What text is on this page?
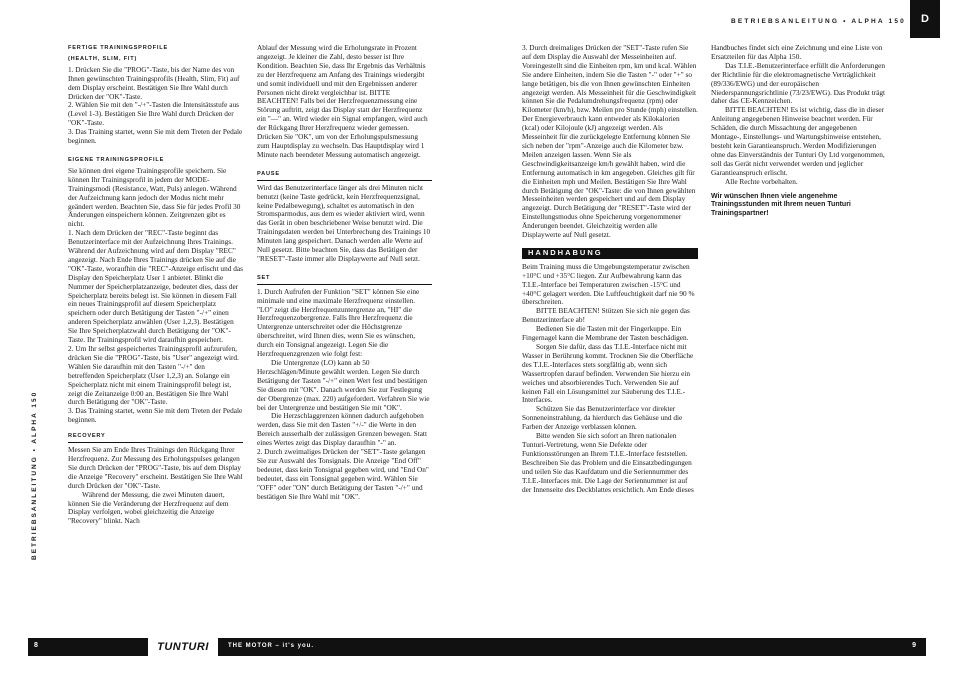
D
BETRIEBSANLEITUNG • ALPHA 150
BETRIEBSANLEITUNG • ALPHA 150
FERTIGE TRAININGSPROFILE
(HEALTH, SLIM, FIT)

1. Drücken Sie die "PROG"-Taste, bis der Name des von Ihnen gewünschten Trainingsprofils (Health, Slim, Fit) auf dem Display erscheint. Bestätigen Sie Ihre Wahl durch Drücken der "OK"-Taste.

2. Wählen Sie mit den "-/+"-Tasten die Intensitätsstufe aus (Level 1-3). Bestätigen Sie Ihre Wahl durch Drücken der "OK"-Taste.

3. Das Training startet, wenn Sie mit dem Treten der Pedale beginnen.

EIGENE TRAININGSPROFILE

Sie können drei eigene Trainingsprofile speichern. Sie können Ihr Trainingsprofil in jedem der MODE-Trainingsmodi (Resistance, Watt, Puls) anlegen. Während der Aufzeichnung kann jedoch der Modus nicht mehr geändert werden. Beachten Sie, dass Sie für jedes Profil 30 Änderungen einspeichern können. Zeitgrenzen gibt es nicht.

1. Nach dem Drücken der "REC"-Taste beginnt das Benutzerinterface mit der Aufzeichnung Ihres Trainings. Während der Aufzeichnung wird auf dem Display "REC" angezeigt. Nach Ende Ihres Trainings drücken Sie auf die "OK"-Taste, woraufhin die "REC"-Anzeige erlischt und das Display den Speicherplatz User 1 anbietet. Blinkt die Nummer der Speicherplatzanzeige, bedeutet dies, dass der Speicherplatz bereits belegt ist. Sie können in diesem Fall ein neues Trainingsprofil auf diesem Speicherplatz speichern oder durch Betätigung der Tasten "-/+" einen anderen Speicherplatz anwählen (User 1,2,3). Bestätigen Sie Ihre Speicherplatzwahl durch Betätigung der "OK"-Taste. Ihr Trainingsprofil wird daraufhin gespeichert.

2. Um Ihr selbst gespeichertes Trainingsprofil aufzurufen, drücken Sie die "PROG"-Taste, bis "User" angezeigt wird. Wählen Sie daraufhin mit den Tasten "-/+" den betreffenden Speicherplatz (User 1,2,3) an. Solange ein Speicherplatz nicht mit einem Trainingsprofil belegt ist, zeigt die Zeitanzeige 0:00 an. Bestätigen Sie Ihre Wahl durch Betätigung der "OK"-Taste.

3. Das Training startet, wenn Sie mit dem Treten der Pedale beginnen.

RECOVERY

Messen Sie am Ende Ihres Trainings den Rückgang Ihrer Herzfrequenz. Zur Messung des Erholungspulses gelangen Sie durch Drücken der "PROG"-Taste, bis auf dem Display die Anzeige "Recovery" erscheint. Bestätigen Sie Ihre Wahl durch Drücken der "OK"-Taste.

Während der Messung, die zwei Minuten dauert, können Sie die Veränderung der Herzfrequenz auf dem Display verfolgen, wobei gleichzeitig die Anzeige "Recovery" blinkt. Nach

Ablauf der Messung wird die Erholungsrate in Prozent angezeigt. Je kleiner die Zahl, desto besser ist Ihre Kondition. Beachten Sie, dass Ihr Ergebnis das Verhältnis zu der Herzfrequenz am Anfang des Trainings wiedergibt und somit individuell und mit den Ergebnissen anderer Personen nicht direkt vergleichbar ist. BITTE BEACHTEN! Falls bei der Herzfrequenzmessung eine Störung auftritt, zeigt das Display statt der Herzfrequenz ein "—" an. Wird wieder ein Signal empfangen, wird auch der Rückgang Ihrer Herzfrequenz wieder gemessen. Drücken Sie "OK", um von der Erholungspulsmessung zum Hauptdisplay zu wechseln. Das Hauptdisplay wird 1 Minute nach beendeter Messung automatisch angezeigt.

PAUSE

Wird das Benutzerinterface länger als drei Minuten nicht benutzt (keine Taste gedrückt, kein Herzfrequenzsignal, keine Pedalbewegung), schaltet es automatisch in den Stromsparmodus, aus dem es wieder aktiviert wird, wenn das Gerät in oben beschriebener Weise benutzt wird. Die Trainingsdaten werden bei Unterbrechung des Trainings 10 Minuten lang gespeichert. Danach werden alle Werte auf Null gesetzt. Bitte beachten Sie, dass das Betätigen der "RESET"-Taste immer alle Displaywerte auf Null setzt.

SET

1. Durch Aufrufen der Funktion "SET" können Sie eine minimale und eine maximale Herzfrequenz einstellen. "LO" zeigt die Herzfrequenzuntergrenze an, "HI" die Herzfrequenzobergrenze. Falls Ihre Herzfrequenz die Untergrenze unterschreitet oder die Höchstgrenze überschreitet, wird Ihnen dies, wenn Sie es wünschen, durch ein Tonsignal angezeigt. Legen Sie die Herzfrequenzgrenzen wie folgt fest:

Die Untergrenze (LO) kann ab 50 Herzschlägen/Minute gewählt werden. Legen Sie durch Betätigung der Tasten "-/+" einen Wert fest und bestätigen Sie diesen mit "OK". Danach werden Sie zur Festlegung der Obergrenze (max. 220) aufgefordert. Verfahren Sie wie bei der Untergrenze und bestätigen Sie mit "OK".

Die Herzschlaggrenzen können dadurch aufgehoben werden, dass Sie mit den Tasten "+/-" die Werte in den Bereich ausserhalb der zulässigen Grenzen bewegen. Statt eines Wertes zeigt das Display daraufhin "-" an.

2. Durch zweimaliges Drücken der "SET"-Taste gelangen Sie zur Auswahl des Tonsignals. Die Anzeige "End Off" bedeutet, dass kein Tonsignal gegeben wird, und "End On" bedeutet, dass ein Tonsignal gegeben wird. Wählen Sie "OFF" oder "ON" durch Betätigung der Tasten "-/+" und bestätigen Sie Ihre Wahl mit "OK".

3. Durch dreimaliges Drücken der "SET"-Taste rufen Sie auf dem Display die Auswahl der Messeinheiten auf. Voreingestellt sind die Einheiten rpm, km und kcal. Wählen Sie andere Einheiten, indem Sie die Tasten "-" oder "+" so lange betätigen, bis die von Ihnen gewünschten Einheiten angezeigt werden. Als Messeinheit für die Geschwindigkeit können Sie die Pedalumdrehungsfrequenz (rpm) oder Kilometer (km/h), bzw. Meilen pro Stunde (mph) einstellen. Der Energieverbrauch kann entweder als Kilokalorien (kcal) oder Kilojoule (kJ) angezeigt werden. Als Messeinheit für die zurückgelegte Entfernung können Sie sich neben der "rpm"-Anzeige auch die Kilometer bzw. Meilen anzeigen lassen. Wenn Sie als Geschwindigkeitsanzeige km/h gewählt haben, wird die Entfernung automatisch in km angegeben. Gleiches gilt für die Einheiten mph und Meilen. Bestätigen Sie Ihre Wahl durch Betätigung der "OK"-Taste: die von Ihnen gewählten Messeinheiten werden gespeichert und auf dem Display angezeigt. Durch Betätigung der "RESET"-Taste wird der Einstellungsmodus ohne Speicherung vorgenommener Änderungen beendet. Gleichzeitig werden alle Displaywerte auf Null gesetzt.

HANDHABUNG

Beim Training muss die Umgebungstemperatur zwischen +10°C und +35°C liegen. Zur Aufbewahrung kann das T.I.E.-Interface bei Temperaturen zwischen -15°C und +40°C gelagert werden. Die Luftfeuchtigkeit darf nie 90 % überschreiten.

BITTE BEACHTEN! Stützen Sie sich nie gegen das Benutzerinterface ab!

Bedienen Sie die Tasten mit der Fingerkuppe. Ein Fingernagel kann die Membrane der Tasten beschädigen.

Sorgen Sie dafür, dass das T.I.E.-Interface nicht mit Wasser in Berührung kommt. Trocknen Sie die Oberfläche des T.I.E.-Interfaces stets sorgfältig ab, wenn sich Wassertropfen darauf befinden. Verwenden Sie hierzu ein weiches und absorbierendes Tuch. Verwenden Sie auf keinen Fall ein Lösungsmittel zur Säuberung des T.I.E.-Interfaces.

Schützen Sie das Benutzerinterface vor direkter Sonneneinstrahlung, da hierdurch das Gehäuse und die Farben der Anzeige verblassen können.

Bitte wenden Sie sich sofort an Ihren nationalen Tunturi-Vertretung, wenn Sie Defekte oder Funktionsstörungen an Ihrem T.I.E.-Interface feststellen. Beschreiben Sie das Problem und die Einsatzbedingungen und teilen Sie das Kaufdatum und die Seriennummer des T.I.E.-Interfaces mit. Die Lage der Seriennummer ist auf der Innenseite des Deckblattes ersichtlich. Am Ende dieses

Handbuches findet sich eine Zeichnung und eine Liste von Ersatzteilen für das Alpha 150.

Das T.I.E.-Benutzerinterface erfüllt die Anforderungen der Richtlinie für die elektromagnetische Verträglichkeit (89/336/EWG) und der europäischen Niederspannungsrichtlinie (73/23/EWG). Das Produkt trägt daher das CE-Kennzeichen.

BITTE BEACHTEN! Es ist wichtig, dass die in dieser Anleitung angegebenen Hinweise beachtet werden. Für Schäden, die durch Missachtung der angegebenen Montage-, Einstellungs- und Wartungshinweise entstehen, besteht kein Garantieanspruch. Werden Modifizierungen ohne das Einverständnis der Tunturi Oy Ltd vorgenommen, soll das Gerät nicht verwendet werden und jeglicher Garantieanspruch erlischt.

Alle Rechte vorbehalten.

Wir wünschen Ihnen viele angenehme Trainingsstunden mit Ihrem neuen Tunturi Trainingspartner!

8	TUNTURI	THE MOTOR – it's you.	9
